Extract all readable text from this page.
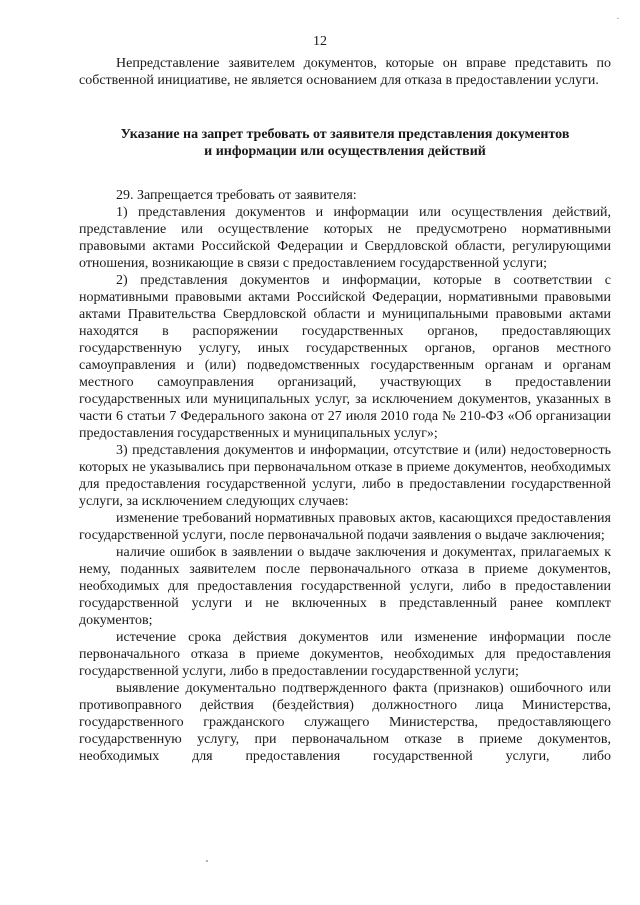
12

Непредставление заявителем документов, которые он вправе представить по собственной инициативе, не является основанием для отказа в предоставлении услуги.

Указание на запрет требовать от заявителя представления документов
и информации или осуществления действий

29. Запрещается требовать от заявителя:

1) представления документов и информации или осуществления действий, представление или осуществление которых не предусмотрено нормативными правовыми актами Российской Федерации и Свердловской области, регулирующими отношения, возникающие в связи с предоставлением государственной услуги;

2) представления документов и информации, которые в соответствии с нормативными правовыми актами Российской Федерации, нормативными правовыми актами Правительства Свердловской области и муниципальными правовыми актами находятся в распоряжении государственных органов, предоставляющих государственную услугу, иных государственных органов, органов местного самоуправления и (или) подведомственных государственным органам и органам местного самоуправления организаций, участвующих в предоставлении государственных или муниципальных услуг, за исключением документов, указанных в части 6 статьи 7 Федерального закона от 27 июля 2010 года № 210-ФЗ «Об организации предоставления государственных и муниципальных услуг»;

3) представления документов и информации, отсутствие и (или) недостоверность которых не указывались при первоначальном отказе в приеме документов, необходимых для предоставления государственной услуги, либо в предоставлении государственной услуги, за исключением следующих случаев:

изменение требований нормативных правовых актов, касающихся предоставления государственной услуги, после первоначальной подачи заявления о выдаче заключения;

наличие ошибок в заявлении о выдаче заключения и документах, прилагаемых к нему, поданных заявителем после первоначального отказа в приеме документов, необходимых для предоставления государственной услуги, либо в предоставлении государственной услуги и не включенных в представленный ранее комплект документов;

истечение срока действия документов или изменение информации после первоначального отказа в приеме документов, необходимых для предоставления государственной услуги, либо в предоставлении государственной услуги;

выявление документально подтвержденного факта (признаков) ошибочного или противоправного действия (бездействия) должностного лица Министерства, государственного гражданского служащего Министерства, предоставляющего государственную услугу, при первоначальном отказе в приеме документов, необходимых для предоставления государственной услуги, либо
